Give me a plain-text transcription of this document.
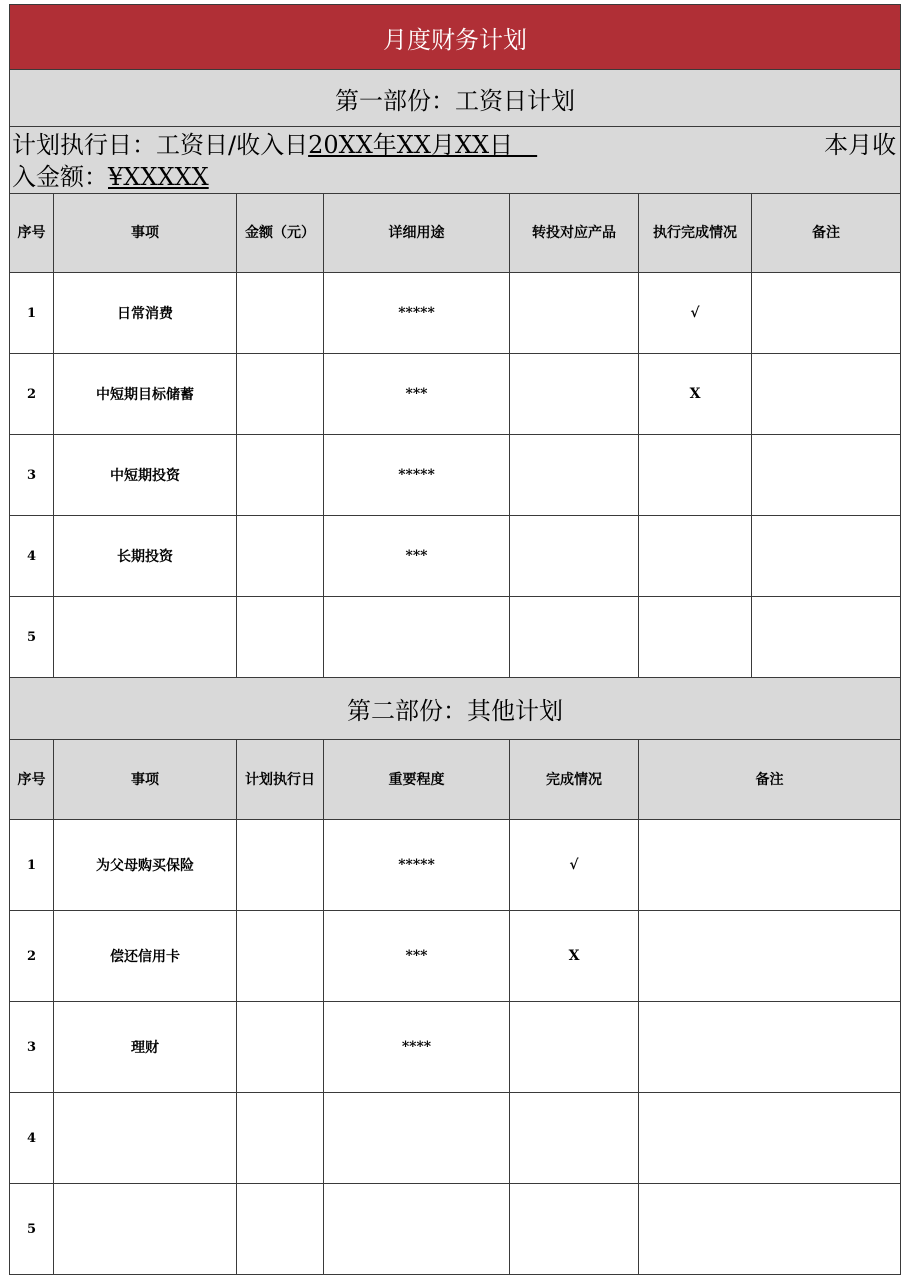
月度财务计划						
第一部份：工资日计划						

本月收
计划执行日：工资日/收入日20XX年XX月XX日　
入金额：¥XXXXX						
序号	事项	金额（元）	详细用途	转投对应产品	执行完成情况	备注
1	日常消费		*****		√	
2	中短期目标储蓄		***		X	
3	中短期投资		*****			
4	长期投资		***			
5						
第二部份：其他计划						
序号	事项	计划执行日	重要程度	完成情况	备注	
1	为父母购买保险		*****	√		
2	偿还信用卡		***	X		
3	理财		****			
4						
5						
